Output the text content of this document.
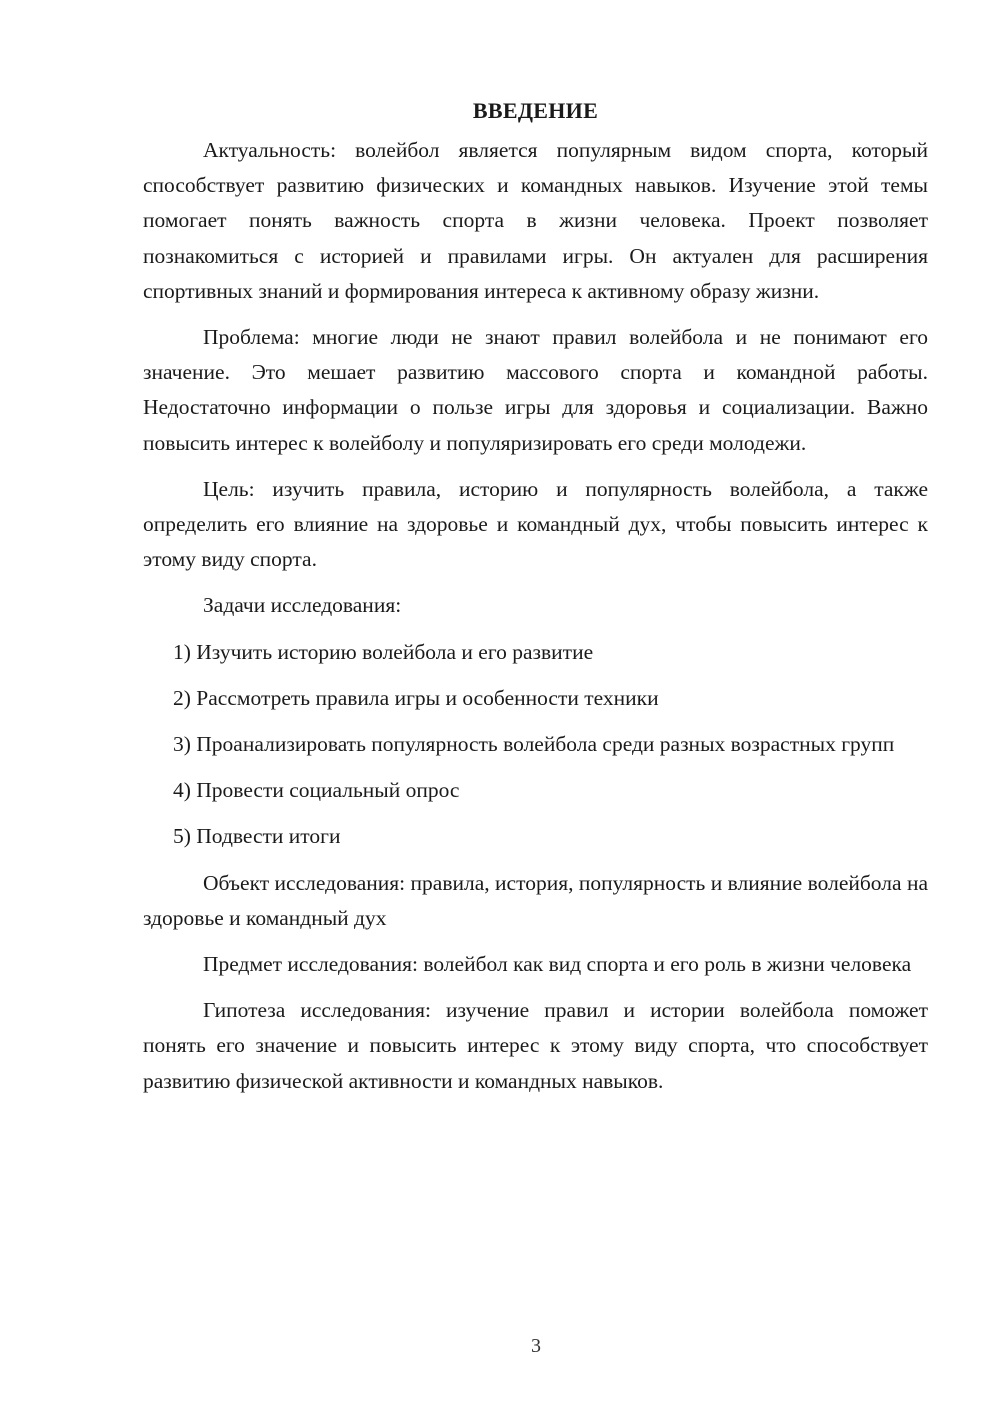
ВВЕДЕНИЕ

Актуальность: волейбол является популярным видом спорта, который способствует развитию физических и командных навыков. Изучение этой темы помогает понять важность спорта в жизни человека. Проект позволяет познакомиться с историей и правилами игры. Он актуален для расширения спортивных знаний и формирования интереса к активному образу жизни.

Проблема: многие люди не знают правил волейбола и не понимают его значение. Это мешает развитию массового спорта и командной работы. Недостаточно информации о пользе игры для здоровья и социализации. Важно повысить интерес к волейболу и популяризировать его среди молодежи.

Цель: изучить правила, историю и популярность волейбола, а также определить его влияние на здоровье и командный дух, чтобы повысить интерес к этому виду спорта.

Задачи исследования:

1) Изучить историю волейбола и его развитие

2) Рассмотреть правила игры и особенности техники

3) Проанализировать популярность волейбола среди разных возрастных групп

4) Провести социальный опрос

5) Подвести итоги

Объект исследования: правила, история, популярность и влияние волейбола на здоровье и командный дух

Предмет исследования: волейбол как вид спорта и его роль в жизни человека

Гипотеза исследования: изучение правил и истории волейбола поможет понять его значение и повысить интерес к этому виду спорта, что способствует развитию физической активности и командных навыков.

3
